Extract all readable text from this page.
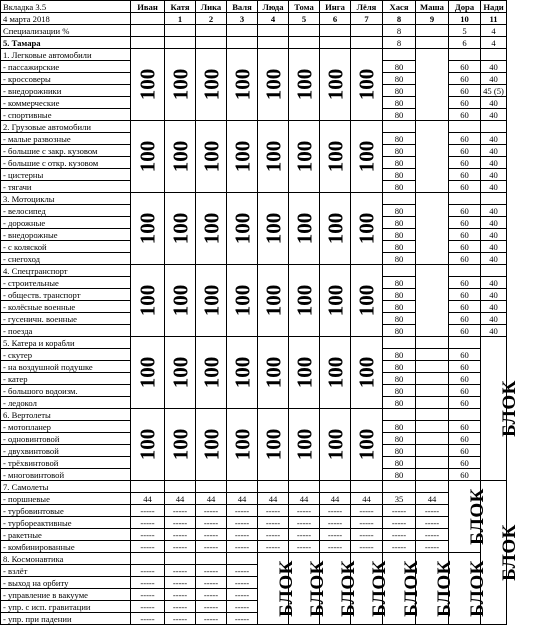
Вкладка 3.5	Иван	Катя	Лика	Валя	Люда	Тома	Инга	Лёля	Хася	Маша	Дора	Нади
4 марта 2018		1	2	3	4	5	6	7	8	9	10	11
Специализации %									8		5	4
5. Тамара									8		6	4
1. Легковые автомобили	100	100	100	100	100	100	100	100				
- пассажирские									80		60	40
- кроссоверы									80		60	40
- внедорожники									80		60	45 (5)
- коммерческие									80		60	40
- спортивные									80		60	40
2. Грузовые автомобили	100	100	100	100	100	100	100	100				
- малые развозные									80		60	40
- большие с закр. кузовом									80		60	40
- большие с откр. кузовом									80		60	40
- цистерны									80		60	40
- тягачи									80		60	40
3. Мотоциклы	100	100	100	100	100	100	100	100				
- велосипед									80		60	40
- дорожные									80		60	40
- внедорожные									80		60	40
- с коляской									80		60	40
- снегоход									80		60	40
4. Спецтранспорт	100	100	100	100	100	100	100	100				
- строительные									80		60	40
- обществ. транспорт									80		60	40
- колёсные военные									80		60	40
- гусеничн. военные									80		60	40
- поезда									80		60	40
5. Катера и корабли	100	100	100	100	100	100	100	100				БЛОК
- скутер									80		60	
- на воздушной подушке									80		60	
- катер									80		60	
- большого водоизм.									80		60	
- ледокол									80		60	
6. Вертолеты	100	100	100	100	100	100	100	100				
- мотопланер									80		60	
- одновинтовой									80		60	
- двухвинтовой									80		60	
- трёхвинтовой									80		60	
- многовинтовой									80		60	
7. Самолеты											БЛОК	БЛОК
- поршневые	44	44	44	44	44	44	44	44	35	44		
- турбовинтовые	-----	-----	-----	-----	-----	-----	-----	-----	-----	-----		
- турбореактивные	-----	-----	-----	-----	-----	-----	-----	-----	-----	-----		
- ракетные	-----	-----	-----	-----	-----	-----	-----	-----	-----	-----		
- комбинированные	-----	-----	-----	-----	-----	-----	-----	-----	-----	-----		
8. Космонавтика					БЛОК	БЛОК	БЛОК	БЛОК	БЛОК	БЛОК	БЛОК	
- взлёт	-----	-----	-----	-----								
- выход на орбиту	-----	-----	-----	-----								
- управление в вакууме	-----	-----	-----	-----								
- упр. с исп. гравитации	-----	-----	-----	-----								
- упр. при падении	-----	-----	-----	-----								
